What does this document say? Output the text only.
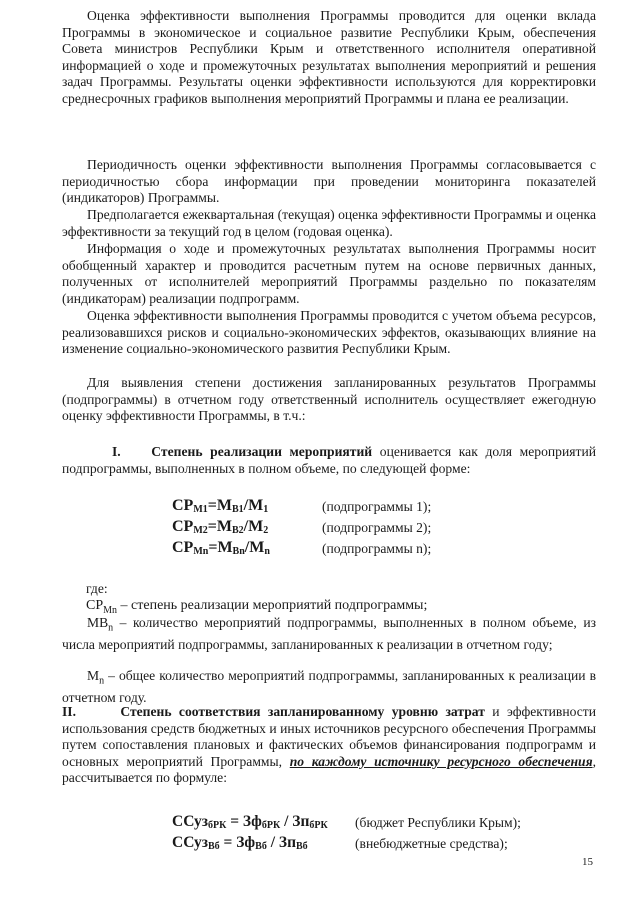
Оценка эффективности выполнения Программы проводится для оценки вклада Программы в экономическое и социальное развитие Республики Крым, обеспечения Совета министров Республики Крым и ответственного исполнителя оперативной информацией о ходе и промежуточных результатах выполнения мероприятий и решения задач Программы. Результаты оценки эффективности используются для корректировки среднесрочных графиков выполнения мероприятий Программы и плана ее реализации.

Периодичность оценки эффективности выполнения Программы согласовывается с периодичностью сбора информации при проведении мониторинга показателей (индикаторов) Программы.

Предполагается ежеквартальная (текущая) оценка эффективности Программы и оценка эффективности за текущий год в целом (годовая оценка).

Информация о ходе и промежуточных результатах выполнения Программы носит обобщенный характер и проводится расчетным путем на основе первичных данных, полученных от исполнителей мероприятий Программы раздельно по показателям (индикаторам) реализации подпрограмм.

Оценка эффективности выполнения Программы проводится с учетом объема ресурсов, реализовавшихся рисков и социально-экономических эффектов, оказывающих влияние на изменение социально-экономического развития Республики Крым.

Для выявления степени достижения запланированных результатов Программы (подпрограммы) в отчетном году ответственный исполнитель осуществляет ежегодную оценку эффективности Программы, в т.ч.:

I. Степень реализации мероприятий оценивается как доля мероприятий подпрограммы, выполненных в полном объеме, по следующей форме:

$СР_{M1}=M_{B1}/M_1$	(подпрограммы 1);
$СР_{M2}=M_{B2}/M_2$	(подпрограммы 2);
$СР_{Mn}=M_{Bn}/M_n$	(подпрограммы n);

где:

$СР_{Mn}$ – степень реализации мероприятий подпрограммы;

$МВ_n$ – количество мероприятий подпрограммы, выполненных в полном объеме, из числа мероприятий подпрограммы, запланированных к реализации в отчетном году;

$М_n$ – общее количество мероприятий подпрограммы, запланированных к реализации в отчетном году.

II.	Степень соответствия запланированному уровню затрат и эффективности использования средств бюджетных и иных источников ресурсного обеспечения Программы путем сопоставления плановых и фактических объемов финансирования подпрограмм и основных мероприятий Программы, по каждому источнику ресурсного обеспечения, рассчитывается по формуле:

ССуз$_{бРК}$ = $Зф_{бРК} / Зп_{бРК}$ (бюджет Республики Крым);
ССуз$_{Вб}$ = $Зф_{Вб} / Зп_{Вб}$	(внебюджетные средства);
15
